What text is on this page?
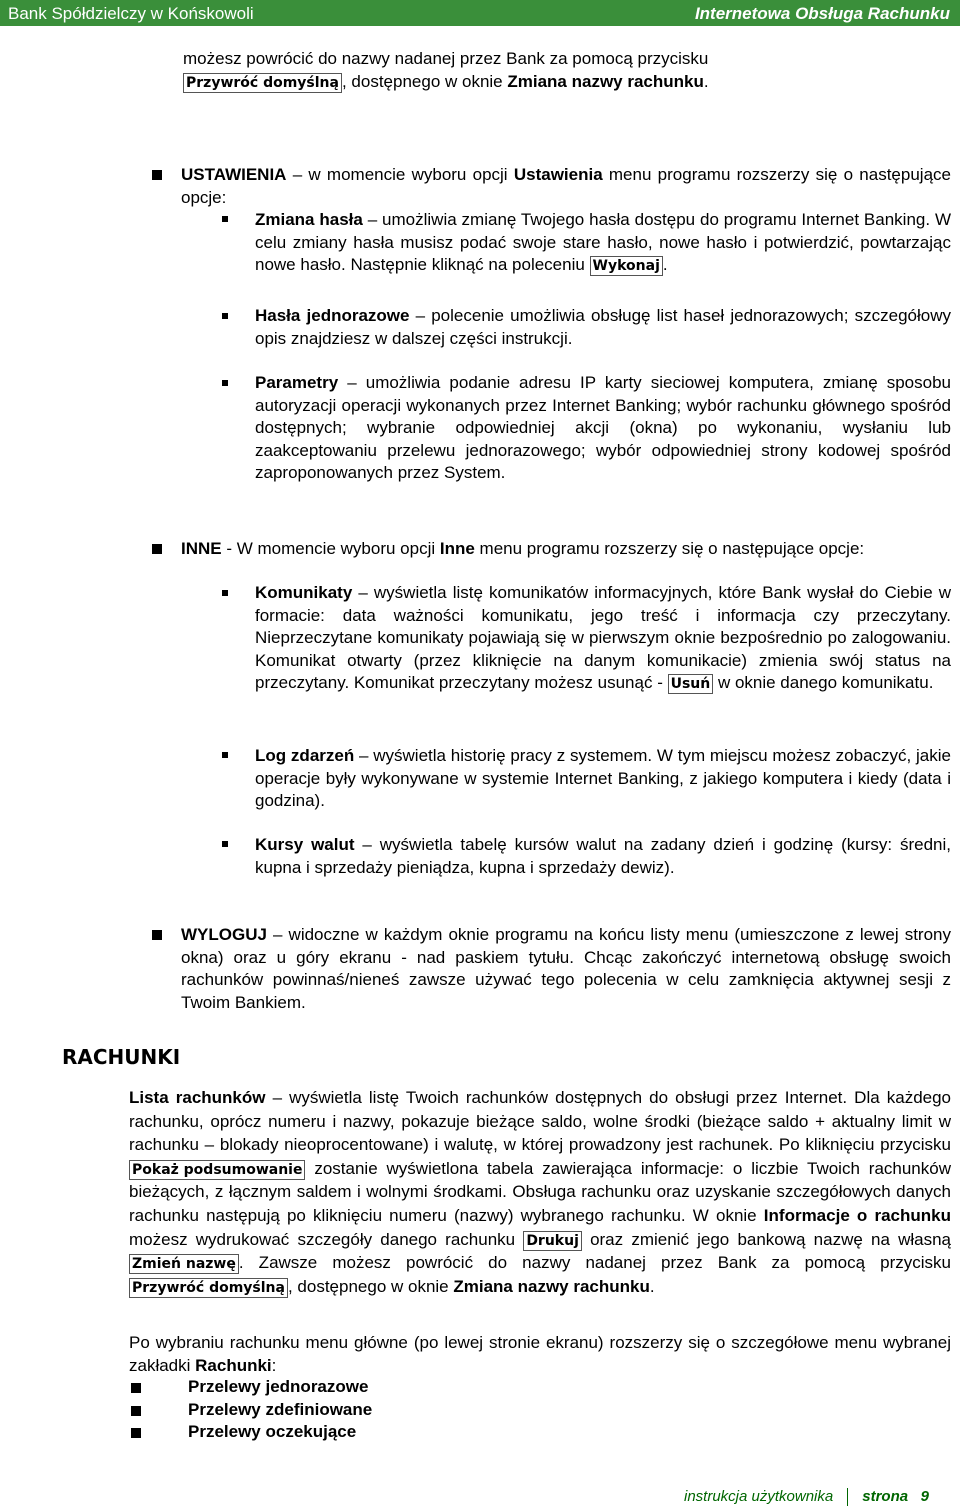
Bank Spółdzielczy w Końskowoli	Internetowa Obsługa Rachunku
możesz powrócić do nazwy nadanej przez Bank za pomocą przycisku
Przywróć domyślną , dostępnego w oknie Zmiana nazwy rachunku.
USTAWIENIA – w momencie wyboru opcji Ustawienia menu programu rozszerzy się o następujące opcje:
Zmiana hasła – umożliwia zmianę Twojego hasła dostępu do programu Internet Banking. W celu zmiany hasła musisz podać swoje stare hasło, nowe hasło i potwierdzić, powtarzając nowe hasło. Następnie kliknąć na poleceniu Wykonaj .
Hasła jednorazowe – polecenie umożliwia obsługę list haseł jednorazowych; szczegółowy opis znajdziesz w dalszej części instrukcji.
Parametry – umożliwia podanie adresu IP karty sieciowej komputera, zmianę sposobu autoryzacji operacji wykonanych przez Internet Banking; wybór rachunku głównego spośród dostępnych; wybranie odpowiedniej akcji (okna) po wykonaniu, wysłaniu lub zaakceptowaniu przelewu jednorazowego; wybór odpowiedniej strony kodowej spośród zaproponowanych przez System.
INNE - W momencie wyboru opcji Inne menu programu rozszerzy się o następujące opcje:
Komunikaty – wyświetla listę komunikatów informacyjnych, które Bank wysłał do Ciebie w formacie: data ważności komunikatu, jego treść i informacja czy przeczytany. Nieprzeczytane komunikaty pojawiają się w pierwszym oknie bezpośrednio po zalogowaniu. Komunikat otwarty (przez kliknięcie na danym komunikacie) zmienia swój status na przeczytany. Komunikat przeczytany możesz usunąć - Usuń w oknie danego komunikatu.
Log zdarzeń – wyświetla historię pracy z systemem. W tym miejscu możesz zobaczyć, jakie operacje były wykonywane w systemie Internet Banking, z jakiego komputera i kiedy (data i godzina).
Kursy walut – wyświetla tabelę kursów walut na zadany dzień i godzinę (kursy: średni, kupna i sprzedaży pieniądza, kupna i sprzedaży dewiz).
WYLOGUJ – widoczne w każdym oknie programu na końcu listy menu (umieszczone z lewej strony okna) oraz u góry ekranu - nad paskiem tytułu. Chcąc zakończyć internetową obsługę swoich rachunków powinnaś/nieneś zawsze używać tego polecenia w celu zamknięcia aktywnej sesji z Twoim Bankiem.
RACHUNKI
Lista rachunków – wyświetla listę Twoich rachunków dostępnych do obsługi przez Internet. Dla każdego rachunku, oprócz numeru i nazwy, pokazuje bieżące saldo, wolne środki (bieżące saldo + aktualny limit w rachunku – blokady nieoprocentowane) i walutę, w której prowadzony jest rachunek. Po kliknięciu przycisku Pokaż podsumowanie zostanie wyświetlona tabela zawierająca informacje: o liczbie Twoich rachunków bieżących, z łącznym saldem i wolnymi środkami. Obsługa rachunku oraz uzyskanie szczegółowych danych rachunku następują po kliknięciu numeru (nazwy) wybranego rachunku. W oknie Informacje o rachunku możesz wydrukować szczegóły danego rachunku Drukuj oraz zmienić jego bankową nazwę na własną Zmień nazwę . Zawsze możesz powrócić do nazwy nadanej przez Bank za pomocą przycisku Przywróć domyślną , dostępnego w oknie Zmiana nazwy rachunku.
Po wybraniu rachunku menu główne (po lewej stronie ekranu) rozszerzy się o szczegółowe menu wybranej zakładki Rachunki:
Przelewy jednorazowe
Przelewy zdefiniowane
Przelewy oczekujące
instrukcja użytkownika strona 9
